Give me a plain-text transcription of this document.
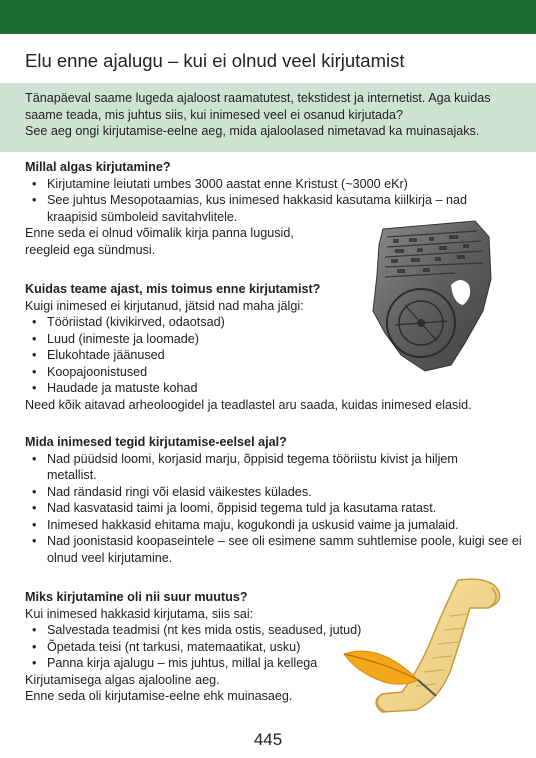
Elu enne ajalugu – kui ei olnud veel kirjutamist
Tänapäeval saame lugeda ajaloost raamatutest, tekstidest ja internetist. Aga kuidas
saame teada, mis juhtus siis, kui inimesed veel ei osanud kirjutada?
See aeg ongi kirjutamise-eelne aeg, mida ajaloolased nimetavad ka muinasajaks.
Millal algas kirjutamine?
• Kirjutamine leiutati umbes 3000 aastat enne Kristust (~3000 eKr)
• See juhtus Mesopotaamias, kus inimesed hakkasid kasutama kiilkirja – nad kraapisid sümboleid savitahvlitele.

Enne seda ei olnud võimalik kirja panna lugusid,

reegleid ega sündmusi.

Kuidas teame ajast, mis toimus enne kirjutamist?

Kuigi inimesed ei kirjutanud, jätsid nad maha jälgi:

• Tööriistad (kivikirved, odaotsad)
• Luud (inimeste ja loomade)
• Elukohtade jäänused
• Koopajoonistused
• Haudade ja matuste kohad

Need kõik aitavad arheoloogidel ja teadlastel aru saada, kuidas inimesed elasid.

Mida inimesed tegid kirjutamise-eelsel ajal?
• Nad püüdsid loomi, korjasid marju, õppisid tegema tööriistu kivist ja hiljem metallist.
• Nad rändasid ringi või elasid väikestes külades.
• Nad kasvatasid taimi ja loomi, õppisid tegema tuld ja kasutama ratast.
• Inimesed hakkasid ehitama maju, kogukondi ja uskusid vaime ja jumalaid.
• Nad joonistasid koopaseintele – see oli esimene samm suhtlemise poole, kuigi see ei olnud veel kirjutamine.
Miks kirjutamine oli nii suur muutus?

Kui inimesed hakkasid kirjutama, siis sai:

• Salvestada teadmisi (nt kes mida ostis, seadused, jutud)
• Õpetada teisi (nt tarkusi, matemaatikat, usku)
• Panna kirja ajalugu – mis juhtus, millal ja kellega

Kirjutamisega algas ajalooline aeg.

Enne seda oli kirjutamise-eelne ehk muinasaeg.

445
